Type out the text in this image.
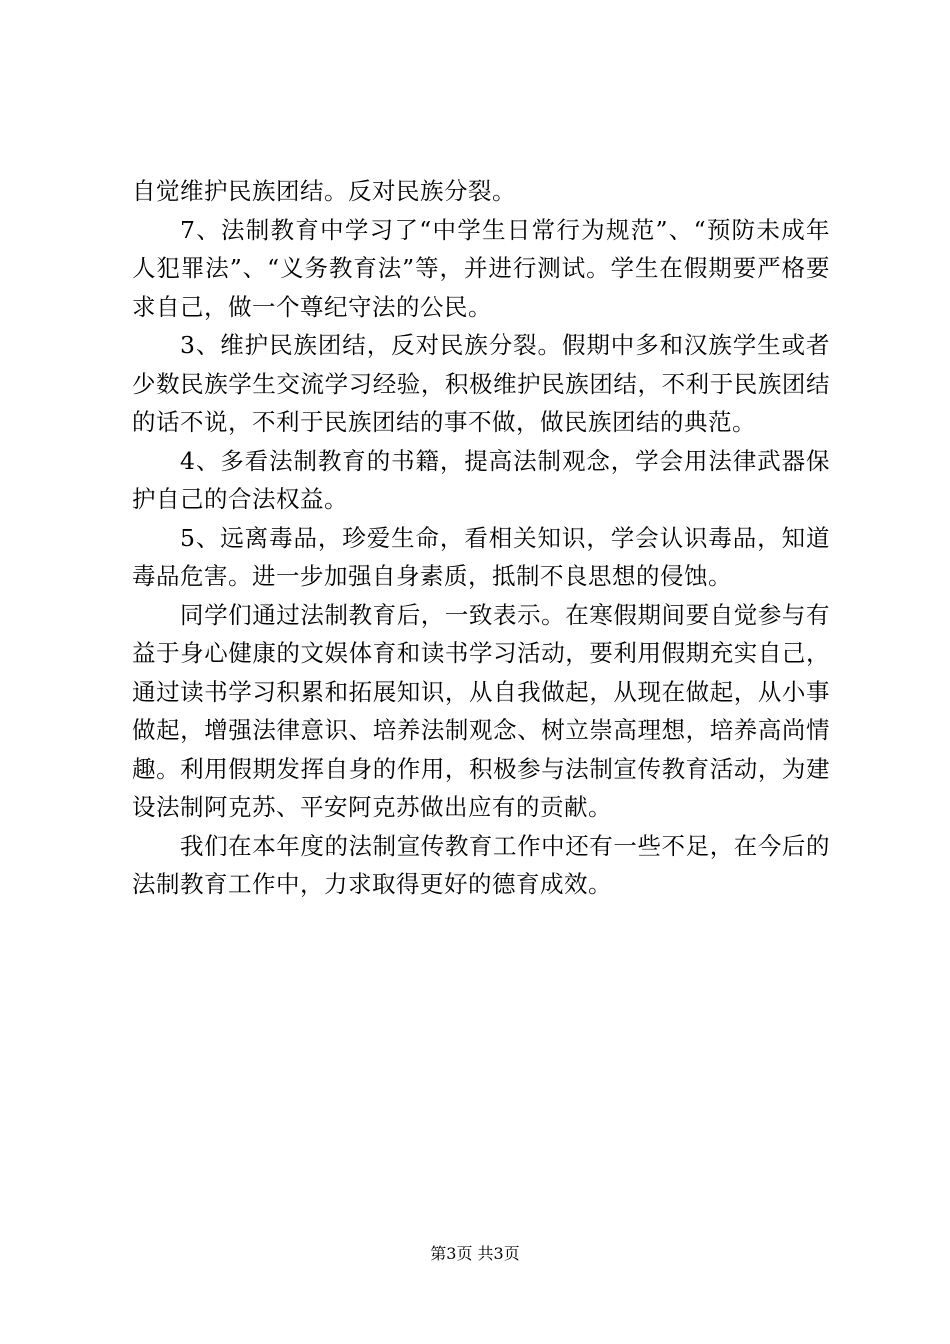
自觉维护民族团结。反对民族分裂。

7、法制教育中学习了“中学生日常行为规范”、“预防未成年人犯罪法”、“义务教育法”等，并进行测试。学生在假期要严格要求自己，做一个尊纪守法的公民。

3、维护民族团结，反对民族分裂。假期中多和汉族学生或者少数民族学生交流学习经验，积极维护民族团结，不利于民族团结的话不说，不利于民族团结的事不做，做民族团结的典范。

4、多看法制教育的书籍，提高法制观念，学会用法律武器保护自己的合法权益。

5、远离毒品，珍爱生命，看相关知识，学会认识毒品，知道毒品危害。进一步加强自身素质，抵制不良思想的侵蚀。

同学们通过法制教育后，一致表示。在寒假期间要自觉参与有益于身心健康的文娱体育和读书学习活动，要利用假期充实自己，通过读书学习积累和拓展知识，从自我做起，从现在做起，从小事做起，增强法律意识、培养法制观念、树立崇高理想，培养高尚情趣。利用假期发挥自身的作用，积极参与法制宣传教育活动，为建设法制阿克苏、平安阿克苏做出应有的贡献。

我们在本年度的法制宣传教育工作中还有一些不足，在今后的法制教育工作中，力求取得更好的德育成效。

第3页 共3页
